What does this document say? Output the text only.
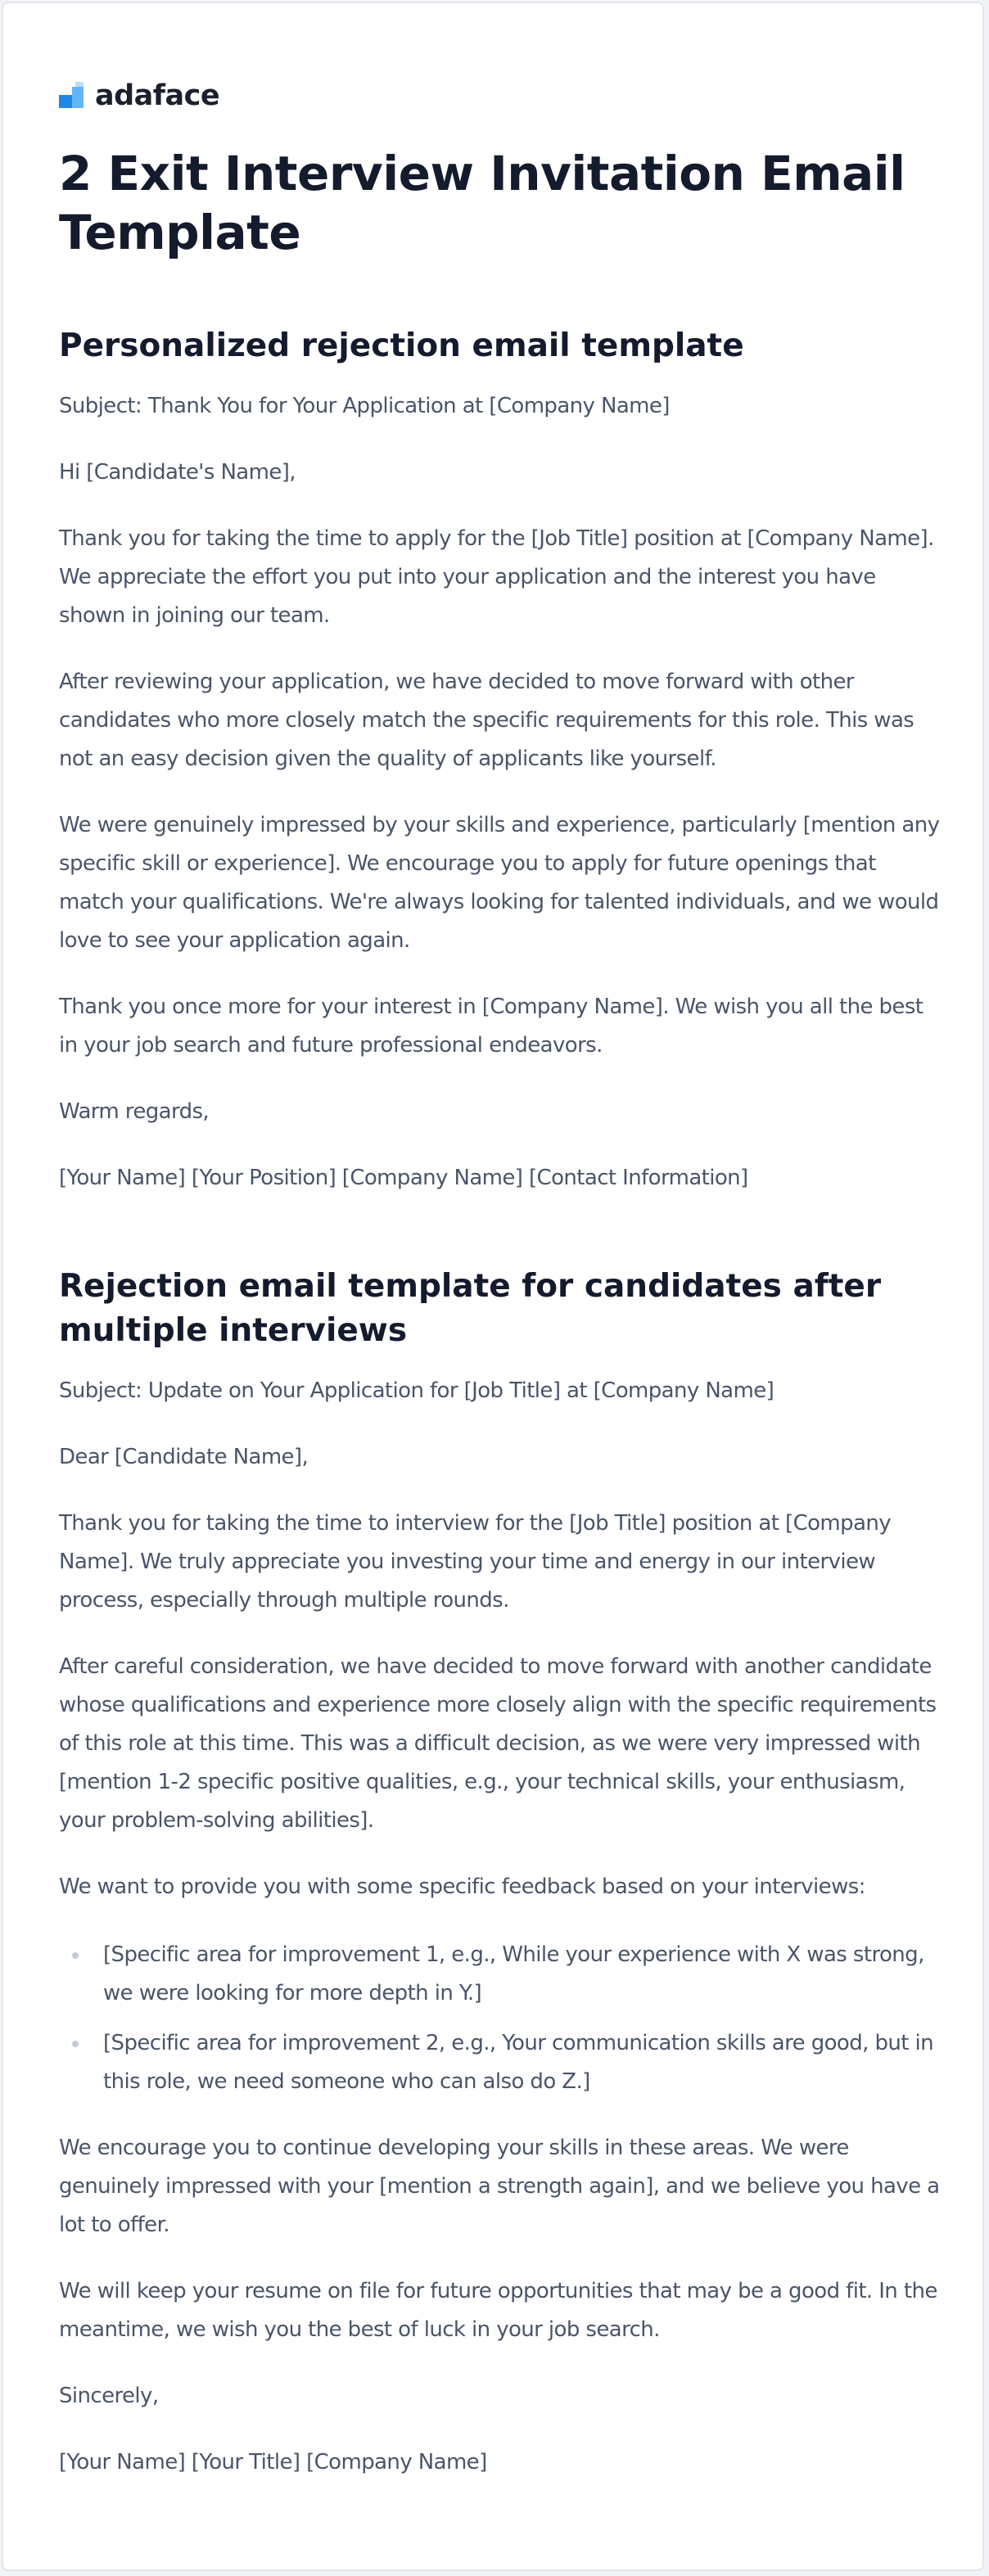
adaface
2 Exit Interview Invitation Email Template
Personalized rejection email template

Subject: Thank You for Your Application at [Company Name]

Hi [Candidate's Name],

Thank you for taking the time to apply for the [Job Title] position at [Company Name]. We appreciate the effort you put into your application and the interest you have shown in joining our team.

After reviewing your application, we have decided to move forward with other candidates who more closely match the specific requirements for this role. This was not an easy decision given the quality of applicants like yourself.

We were genuinely impressed by your skills and experience, particularly [mention any specific skill or experience]. We encourage you to apply for future openings that match your qualifications. We're always looking for talented individuals, and we would love to see your application again.

Thank you once more for your interest in [Company Name]. We wish you all the best in your job search and future professional endeavors.

Warm regards,

[Your Name] [Your Position] [Company Name] [Contact Information]

Rejection email template for candidates after multiple interviews

Subject: Update on Your Application for [Job Title] at [Company Name]

Dear [Candidate Name],

Thank you for taking the time to interview for the [Job Title] position at [Company Name]. We truly appreciate you investing your time and energy in our interview process, especially through multiple rounds.

After careful consideration, we have decided to move forward with another candidate whose qualifications and experience more closely align with the specific requirements of this role at this time. This was a difficult decision, as we were very impressed with [mention 1-2 specific positive qualities, e.g., your technical skills, your enthusiasm, your problem-solving abilities].

We want to provide you with some specific feedback based on your interviews:

[Specific area for improvement 1, e.g., While your experience with X was strong, we were looking for more depth in Y.]
[Specific area for improvement 2, e.g., Your communication skills are good, but in this role, we need someone who can also do Z.]

We encourage you to continue developing your skills in these areas. We were genuinely impressed with your [mention a strength again], and we believe you have a lot to offer.

We will keep your resume on file for future opportunities that may be a good fit. In the meantime, we wish you the best of luck in your job search.

Sincerely,

[Your Name] [Your Title] [Company Name]
